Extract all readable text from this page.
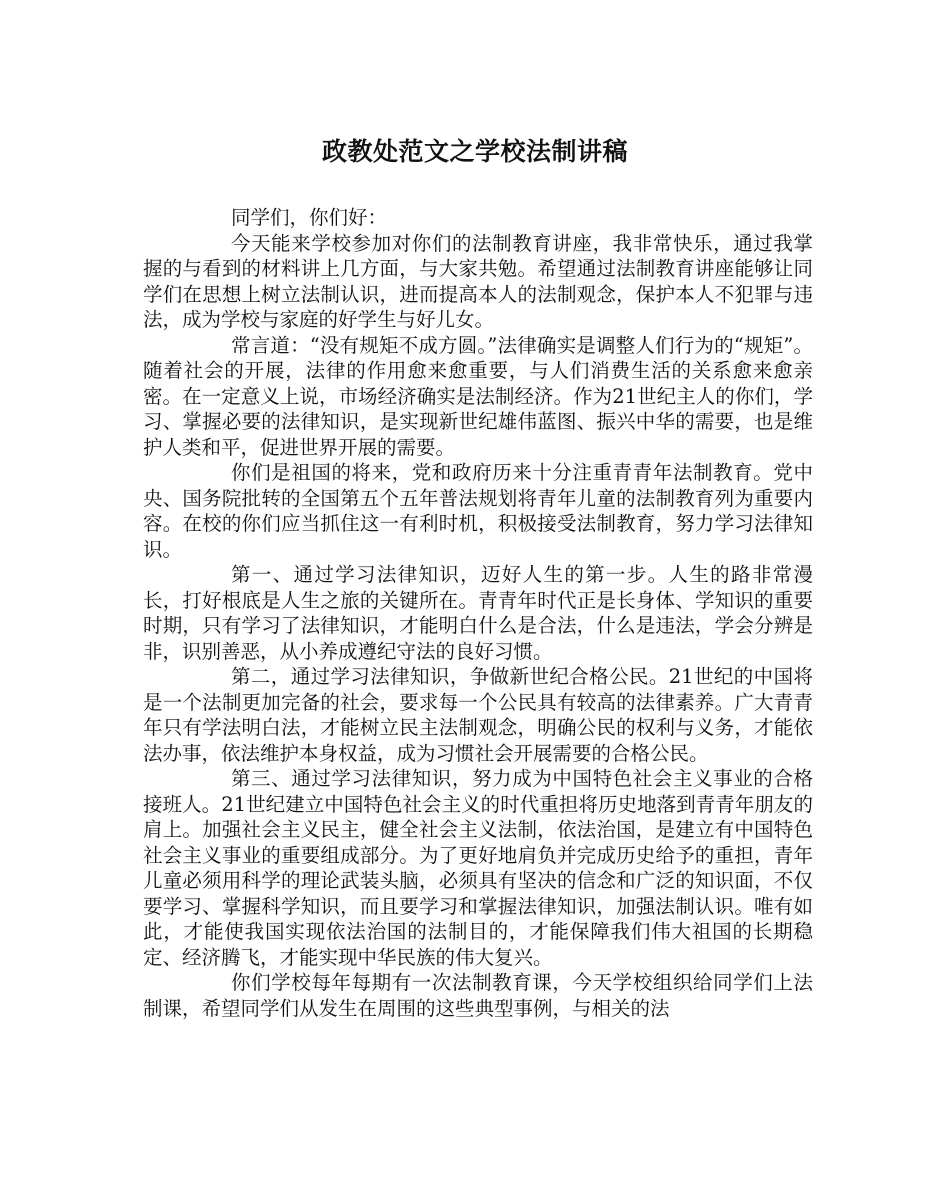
政教处范文之学校法制讲稿

同学们，你们好：

今天能来学校参加对你们的法制教育讲座，我非常快乐，通过我掌握的与看到的材料讲上几方面，与大家共勉。希望通过法制教育讲座能够让同学们在思想上树立法制认识，进而提高本人的法制观念，保护本人不犯罪与违法，成为学校与家庭的好学生与好儿女。

常言道：“没有规矩不成方圆。”法律确实是调整人们行为的“规矩”。随着社会的开展，法律的作用愈来愈重要，与人们消费生活的关系愈来愈亲密。在一定意义上说，市场经济确实是法制经济。作为21世纪主人的你们，学习、掌握必要的法律知识，是实现新世纪雄伟蓝图、振兴中华的需要，也是维护人类和平，促进世界开展的需要。

你们是祖国的将来，党和政府历来十分注重青青年法制教育。党中央、国务院批转的全国第五个五年普法规划将青年儿童的法制教育列为重要内容。在校的你们应当抓住这一有利时机，积极接受法制教育，努力学习法律知识。

第一、通过学习法律知识，迈好人生的第一步。人生的路非常漫长，打好根底是人生之旅的关键所在。青青年时代正是长身体、学知识的重要时期，只有学习了法律知识，才能明白什么是合法，什么是违法，学会分辨是非，识别善恶，从小养成遵纪守法的良好习惯。

第二，通过学习法律知识，争做新世纪合格公民。21世纪的中国将是一个法制更加完备的社会，要求每一个公民具有较高的法律素养。广大青青年只有学法明白法，才能树立民主法制观念，明确公民的权利与义务，才能依法办事，依法维护本身权益，成为习惯社会开展需要的合格公民。

第三、通过学习法律知识，努力成为中国特色社会主义事业的合格接班人。21世纪建立中国特色社会主义的时代重担将历史地落到青青年朋友的肩上。加强社会主义民主，健全社会主义法制，依法治国，是建立有中国特色社会主义事业的重要组成部分。为了更好地肩负并完成历史给予的重担，青年儿童必须用科学的理论武装头脑，必须具有坚决的信念和广泛的知识面，不仅要学习、掌握科学知识，而且要学习和掌握法律知识，加强法制认识。唯有如此，才能使我国实现依法治国的法制目的，才能保障我们伟大祖国的长期稳定、经济腾飞，才能实现中华民族的伟大复兴。

你们学校每年每期有一次法制教育课，今天学校组织给同学们上法制课，希望同学们从发生在周围的这些典型事例，与相关的法
